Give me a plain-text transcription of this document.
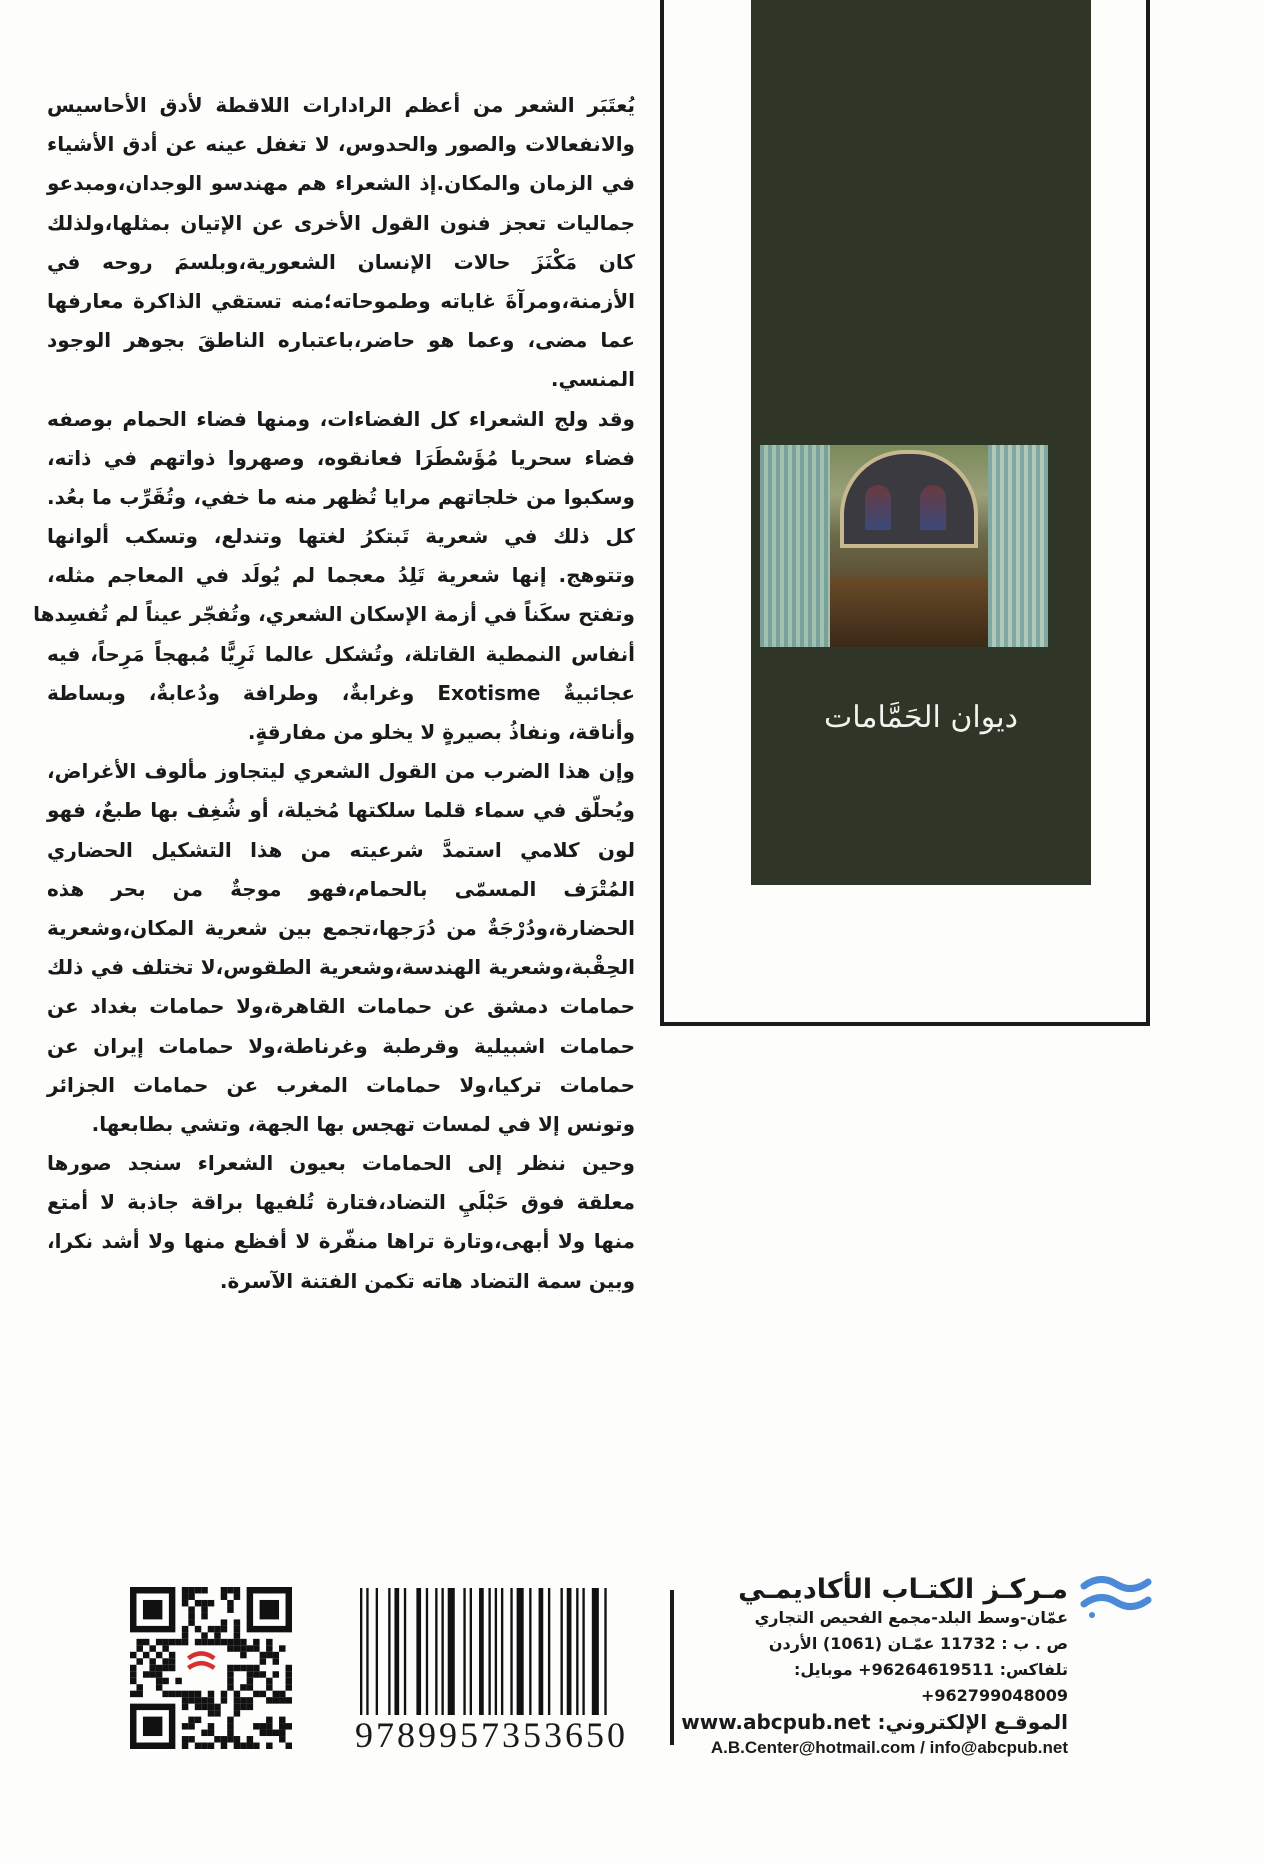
ديوان الحَمَّامات
يُعتَبَر الشعر من أعظم الرادارات اللاقطة لأدق الأحاسيس
والانفعالات والصور والحدوس، لا تغفل عينه عن أدق الأشياء
في الزمان والمكان.إذ الشعراء هم مهندسو الوجدان،ومبدعو
جماليات تعجز فنون القول الأخرى عن الإتيان بمثلها،ولذلك
كان مَكْنَزَ حالات الإنسان الشعورية،وبلسمَ روحه في
الأزمنة،ومرآةَ غاياته وطموحاته؛منه تستقي الذاكرة معارفها
عما مضى، وعما هو حاضر،باعتباره الناطقَ بجوهر الوجود
المنسي.
وقد ولج الشعراء كل الفضاءات، ومنها فضاء الحمام بوصفه
فضاء سحريا مُؤَسْطَرَا فعانقوه، وصهروا ذواتهم في ذاته،
وسكبوا من خلجاتهم مرايا تُظهر منه ما خفي، وتُقَرِّب ما بعُد.
كل ذلك في شعرية تَبتكرُ لغتها وتندلع، وتسكب ألوانها
وتتوهج. إنها شعرية تَلِدُ معجما لم يُولَد في المعاجم مثله،
وتفتح سكَناً في أزمة الإسكان الشعري، وتُفجّر عيناً لم تُفسِدها
أنفاس النمطية القاتلة، وتُشكل عالما ثَرِيًّا مُبهجاً مَرِحاً، فيه
عجائبيةٌ Exotisme وغرابةٌ، وطرافة ودُعابةٌ، وبساطة
وأناقة، ونفاذُ بصيرةٍ لا يخلو من مفارقةٍ.
وإن هذا الضرب من القول الشعري ليتجاوز مألوف الأغراض،
ويُحلّق في سماء قلما سلكتها مُخيلة، أو شُغِف بها طبعٌ، فهو
لون كلامي استمدَّ شرعيته من هذا التشكيل الحضاري
المُتْرَف المسمّى بالحمام،فهو موجةٌ من بحر هذه
الحضارة،ودُرْجَةٌ من دُرَجها،تجمع بين شعرية المكان،وشعرية
الحِقْبة،وشعرية الهندسة،وشعرية الطقوس،لا تختلف في ذلك
حمامات دمشق عن حمامات القاهرة،ولا حمامات بغداد عن
حمامات اشبيلية وقرطبة وغرناطة،ولا حمامات إيران عن
حمامات تركيا،ولا حمامات المغرب عن حمامات الجزائر
وتونس إلا في لمسات تهجس بها الجهة، وتشي بطابعها.
وحين ننظر إلى الحمامات بعيون الشعراء سنجد صورها
معلقة فوق حَبْلَيِ التضاد،فتارة تُلفيها براقة جاذبة لا أمتع
منها ولا أبهى،وتارة تراها منفّرة لا أفظع منها ولا أشد نكرا،
وبين سمة التضاد هاته تكمن الفتنة الآسرة.
9789957353650
مـركـز الكتـاب الأكاديمـي
عمّان-وسط البلد-مجمع الفحيص التجاري
ص . ب : 11732 عمّـان (1061) الأردن
تلفاكس: 96264619511+ موبايل: 962799048009+
الموقـع الإلكتروني: www.abcpub.net
A.B.Center@hotmail.com / info@abcpub.net
